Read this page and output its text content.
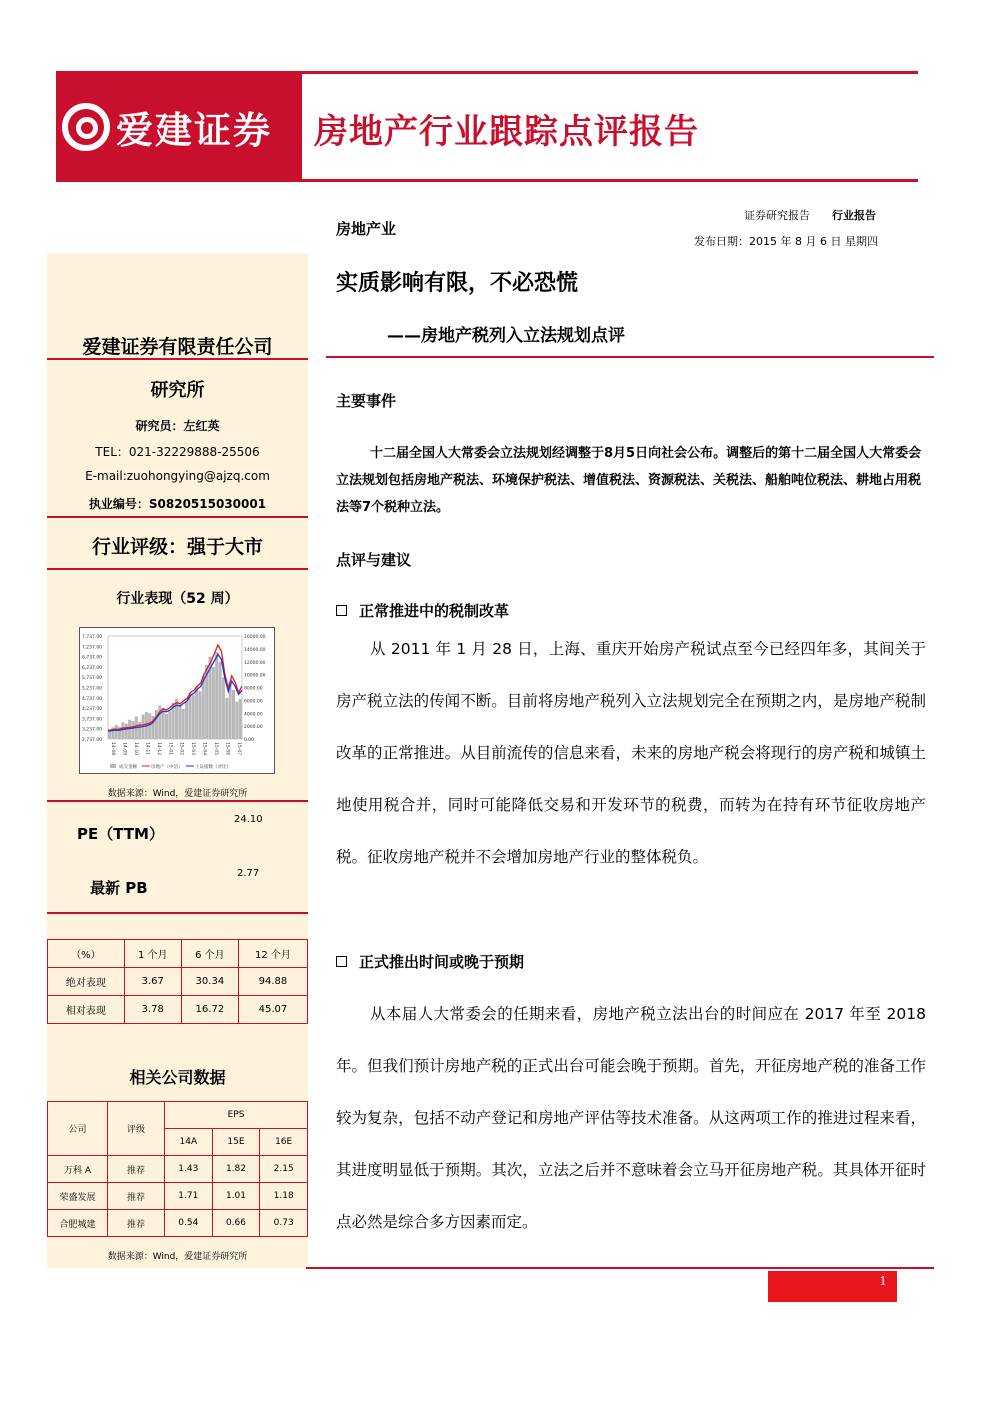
爱建证券 房地产行业跟踪点评报告
爱建证券有限责任公司
研究所
研究员：左红英
TEL：021-32229888-25506
E-mail:zuohongying@ajzq.com
执业编号：S0820515030001
行业评级：强于大市
行业表现（52 周）
7,737.00
7,237.00
6,737.00
6,237.00
5,737.00
5,237.00
4,737.00
4,237.00
3,737.00
3,237.00
2,737.00
16000.00
14000.00
12000.00
10000.00
8000.00
6000.00
4000.00
2000.00
0.00
14-08 14-09 14-10 14-11 14-12 15-01 15-02 15-03 15-04 15-05 15-06 15-07
成交金额	房地产（中信）	上证指数（对比）
数据来源：Wind，爱建证券研究所
PE（TTM）
24.10
最新 PB
2.77
（%）	1 个月	6 个月	12 个月
绝对表现	3.67	30.34	94.88
相对表现	3.78	16.72	45.07
相关公司数据
公司	评级	EPS		
		14A	15E	16E
万科 A	推荐	1.43	1.82	2.15
荣盛发展	推荐	1.71	1.01	1.18
合肥城建	推荐	0.54	0.66	0.73
数据来源：Wind，爱建证券研究所
房地产业
证券研究报告 行业报告
发布日期：2015 年 8 月 6 日 星期四
实质影响有限，不必恐慌
——房地产税列入立法规划点评
主要事件
十二届全国人大常委会立法规划经调整于8月5日向社会公布。调整后的第十二届全国人大常委会立法规划包括房地产税法、环境保护税法、增值税法、资源税法、关税法、船舶吨位税法、耕地占用税法等7个税种立法。
点评与建议
正常推进中的税制改革
从 2011 年 1 月 28 日，上海、重庆开始房产税试点至今已经四年多，其间关于房产税立法的传闻不断。目前将房地产税列入立法规划完全在预期之内，是房地产税制改革的正常推进。从目前流传的信息来看，未来的房地产税会将现行的房产税和城镇土地使用税合并，同时可能降低交易和开发环节的税费，而转为在持有环节征收房地产税。征收房地产税并不会增加房地产行业的整体税负。
正式推出时间或晚于预期
从本届人大常委会的任期来看，房地产税立法出台的时间应在 2017 年至 2018 年。但我们预计房地产税的正式出台可能会晚于预期。首先，开征房地产税的准备工作较为复杂，包括不动产登记和房地产评估等技术准备。从这两项工作的推进过程来看，其进度明显低于预期。其次，立法之后并不意味着会立马开征房地产税。其具体开征时点必然是综合多方因素而定。
1
